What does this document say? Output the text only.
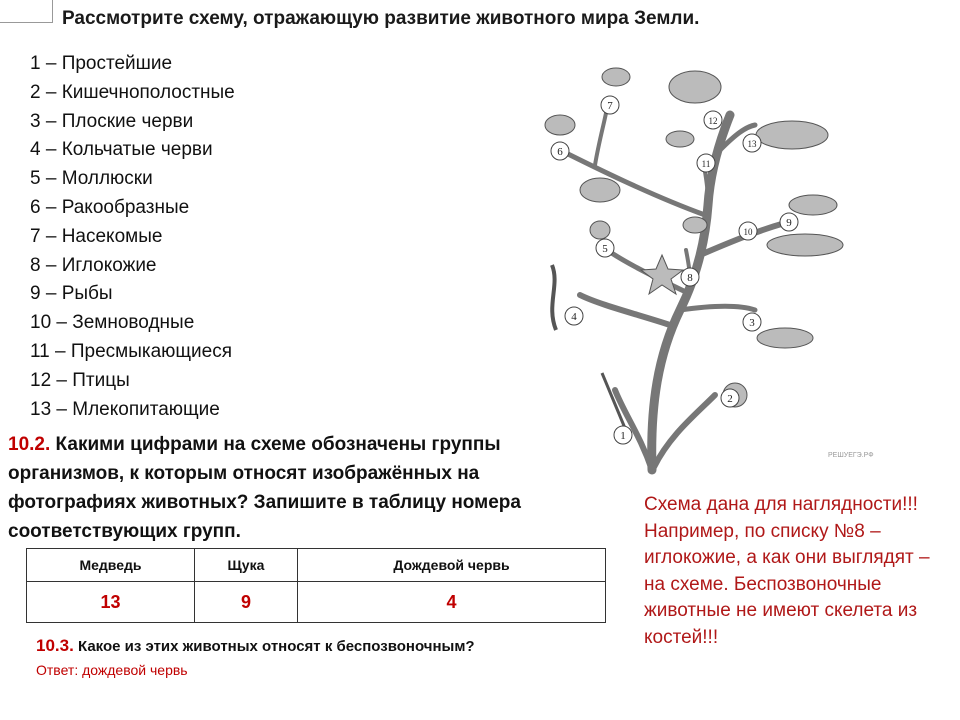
Рассмотрите схему, отражающую развитие животного мира Земли.
1 – Простейшие
2 – Кишечнополостные
3 – Плоские черви
4 – Кольчатые черви
5 – Моллюски
6 – Ракообразные
7 – Насекомые
8 – Иглокожие
9 – Рыбы
10 – Земноводные
11 – Пресмыкающиеся
12 – Птицы
13 – Млекопитающие
1
2
3
4
5
6
7
8
9
10
11
12
13
РЕШУЕГЭ.РФ
10.2. Какими цифрами на схеме обозначены группы организмов, к которым относят изображённых на фотографиях животных? Запишите в таблицу номера соответствующих групп.
Медведь	Щука	Дождевой червь
13	9	4
10.3. Какое из этих животных относят к беспозвоночным?
Ответ: дождевой червь
Схема дана для наглядности!!! Например, по списку №8 –иглокожие, а как они выглядят –на схеме. Беспозвоночные животные не имеют скелета из костей!!!
